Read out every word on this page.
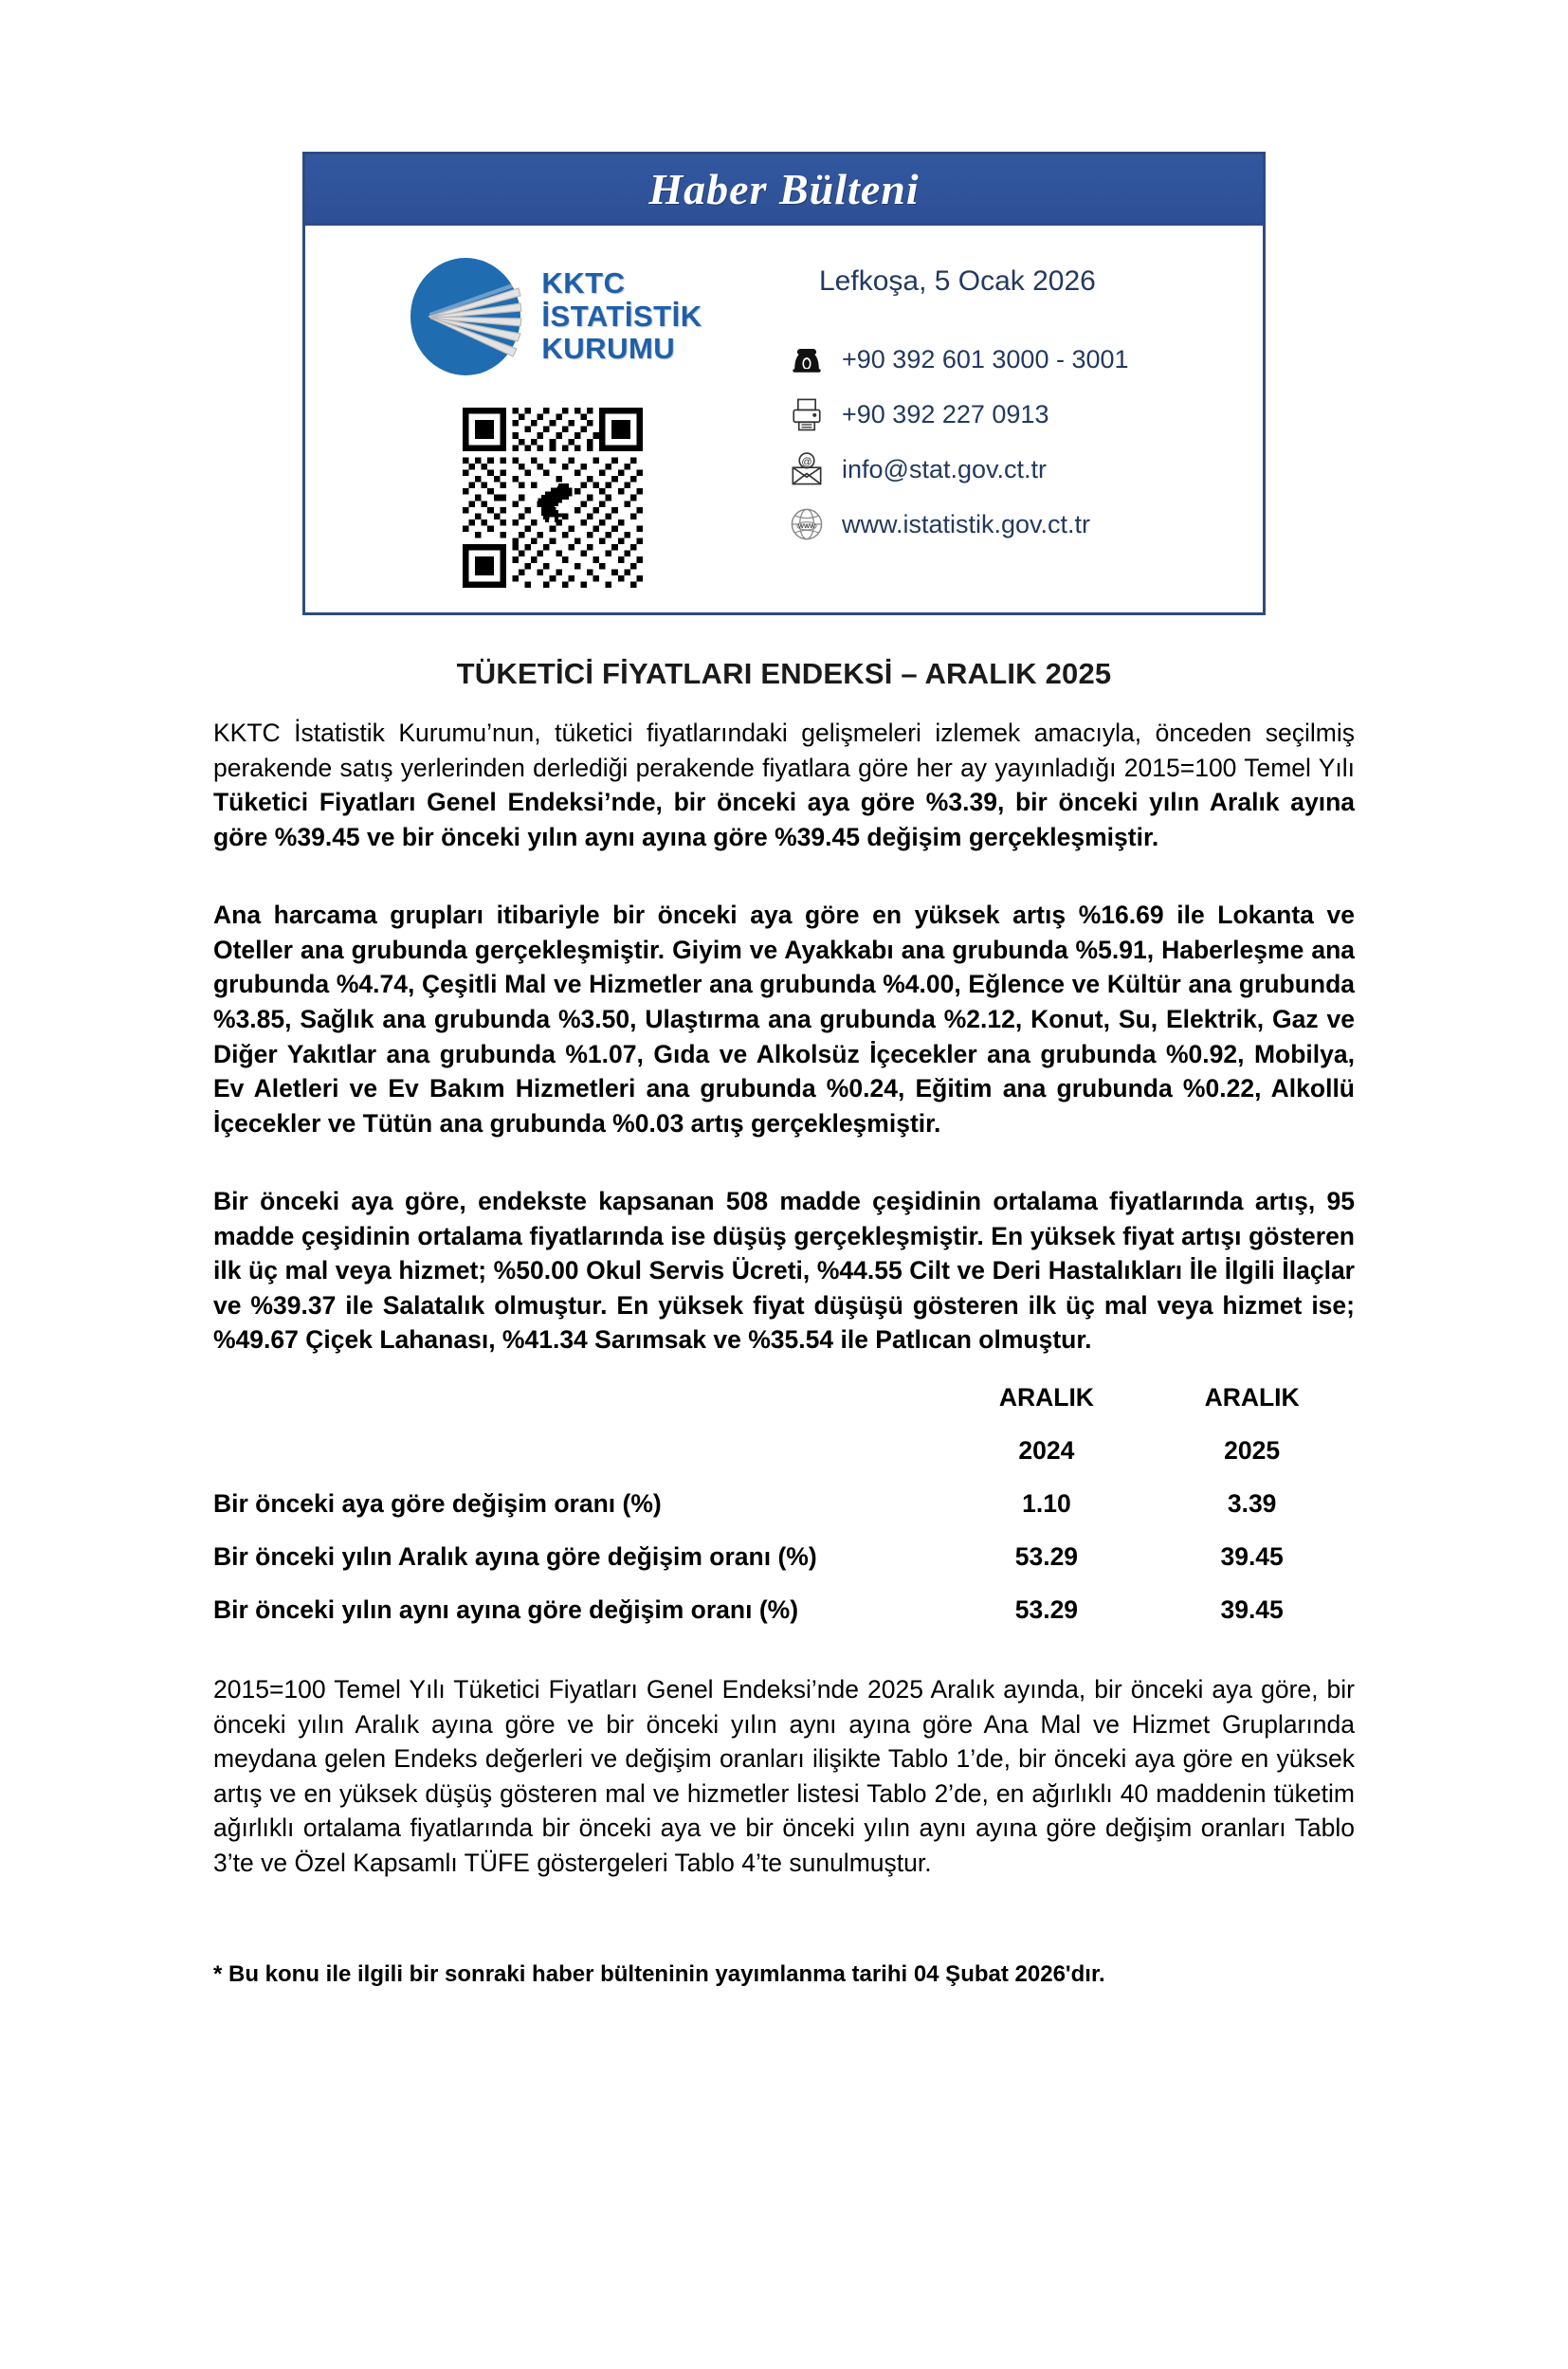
Haber Bülteni
KKTC
İSTATİSTİK
KURUMU
Lefkoşa, 5 Ocak 2026
+90 392 601 3000 - 3001
+90 392 227 0913
@ info@stat.gov.ct.tr
WWW www.istatistik.gov.ct.tr
TÜKETİCİ FİYATLARI ENDEKSİ – ARALIK 2025

KKTC İstatistik Kurumu’nun, tüketici fiyatlarındaki gelişmeleri izlemek amacıyla, önceden seçilmiş perakende satış yerlerinden derlediği perakende fiyatlara göre her ay yayınladığı 2015=100 Temel Yılı Tüketici Fiyatları Genel Endeksi’nde, bir önceki aya göre %3.39, bir önceki yılın Aralık ayına göre %39.45 ve bir önceki yılın aynı ayına göre %39.45 değişim gerçekleşmiştir.

Ana harcama grupları itibariyle bir önceki aya göre en yüksek artış %16.69 ile Lokanta ve Oteller ana grubunda gerçekleşmiştir. Giyim ve Ayakkabı ana grubunda %5.91, Haberleşme ana grubunda %4.74, Çeşitli Mal ve Hizmetler ana grubunda %4.00, Eğlence ve Kültür ana grubunda %3.85, Sağlık ana grubunda %3.50, Ulaştırma ana grubunda %2.12, Konut, Su, Elektrik, Gaz ve Diğer Yakıtlar ana grubunda %1.07, Gıda ve Alkolsüz İçecekler ana grubunda %0.92, Mobilya, Ev Aletleri ve Ev Bakım Hizmetleri ana grubunda %0.24, Eğitim ana grubunda %0.22, Alkollü İçecekler ve Tütün ana grubunda %0.03 artış gerçekleşmiştir.

Bir önceki aya göre, endekste kapsanan 508 madde çeşidinin ortalama fiyatlarında artış, 95 madde çeşidinin ortalama fiyatlarında ise düşüş gerçekleşmiştir. En yüksek fiyat artışı gösteren ilk üç mal veya hizmet; %50.00 Okul Servis Ücreti, %44.55 Cilt ve Deri Hastalıkları İle İlgili İlaçlar ve %39.37 ile Salatalık olmuştur. En yüksek fiyat düşüşü gösteren ilk üç mal veya hizmet ise; %49.67 Çiçek Lahanası, %41.34 Sarımsak ve %35.54 ile Patlıcan olmuştur.

	ARALIK	ARALIK
	2024	2025
Bir önceki aya göre değişim oranı (%)	1.10	3.39
Bir önceki yılın Aralık ayına göre değişim oranı (%)	53.29	39.45
Bir önceki yılın aynı ayına göre değişim oranı (%)	53.29	39.45

2015=100 Temel Yılı Tüketici Fiyatları Genel Endeksi’nde 2025 Aralık ayında, bir önceki aya göre, bir önceki yılın Aralık ayına göre ve bir önceki yılın aynı ayına göre Ana Mal ve Hizmet Gruplarında meydana gelen Endeks değerleri ve değişim oranları ilişikte Tablo 1’de, bir önceki aya göre en yüksek artış ve en yüksek düşüş gösteren mal ve hizmetler listesi Tablo 2’de, en ağırlıklı 40 maddenin tüketim ağırlıklı ortalama fiyatlarında bir önceki aya ve bir önceki yılın aynı ayına göre değişim oranları Tablo 3’te ve Özel Kapsamlı TÜFE göstergeleri Tablo 4’te sunulmuştur.

* Bu konu ile ilgili bir sonraki haber bülteninin yayımlanma tarihi 04 Şubat 2026'dır.
